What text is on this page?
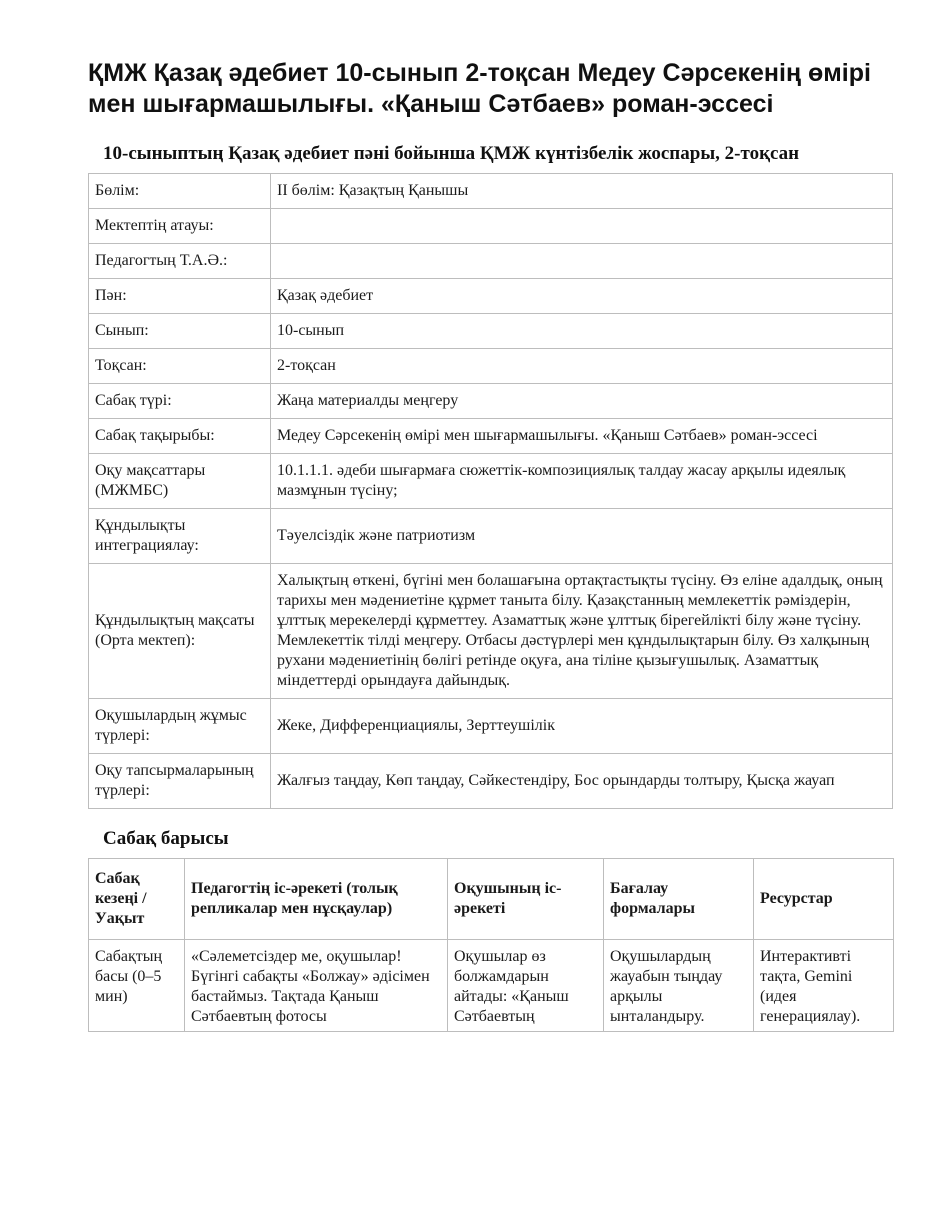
ҚМЖ Қазақ әдебиет 10-сынып 2-тоқсан Медеу Сәрсекенің өмірі мен шығармашылығы. «Қаныш Сәтбаев» роман-эссесі
10-сыныптың Қазақ әдебиет пәні бойынша ҚМЖ күнтізбелік жоспары, 2-тоқсан
Бөлім:	II бөлім: Қазақтың Қанышы
Мектептің атауы:	
Педагогтың Т.А.Ә.:	
Пән:	Қазақ әдебиет
Сынып:	10-сынып
Тоқсан:	2-тоқсан
Сабақ түрі:	Жаңа материалды меңгеру
Сабақ тақырыбы:	Медеу Сәрсекенің өмірі мен шығармашылығы. «Қаныш Сәтбаев» роман-эссесі
Оқу мақсаттары (МЖМБС)	10.1.1.1. әдеби шығармаға сюжеттік-композициялық талдау жасау арқылы идеялық мазмұнын түсіну;
Құндылықты интеграциялау:	Тәуелсіздік және патриотизм
Құндылықтың мақсаты (Орта мектеп):	Халықтың өткені, бүгіні мен болашағына ортақтастықты түсіну. Өз еліне адалдық, оның тарихы мен мәдениетіне құрмет таныта білу. Қазақстанның мемлекеттік рәміздерін, ұлттық мерекелерді құрметтеу. Азаматтық және ұлттық бірегейлікті білу және түсіну. Мемлекеттік тілді меңгеру. Отбасы дәстүрлері мен құндылықтарын білу. Өз халқының рухани мәдениетінің бөлігі ретінде оқуға, ана тіліне қызығушылық. Азаматтық міндеттерді орындауға дайындық.
Оқушылардың жұмыс түрлері:	Жеке, Дифференциациялы, Зерттеушілік
Оқу тапсырмаларының түрлері:	Жалғыз таңдау, Көп таңдау, Сәйкестендіру, Бос орындарды толтыру, Қысқа жауап
Сабақ барысы
Сабақ кезеңі / Уақыт	Педагогтің іс-әрекеті (толық репликалар мен нұсқаулар)	Оқушының іс-әрекеті	Бағалау формалары	Ресурстар
Сабақтың басы (0–5 мин)	«Сәлеметсіздер ме, оқушылар! Бүгінгі сабақты «Болжау» әдісімен бастаймыз. Тақтада Қаныш Сәтбаевтың фотосы	Оқушылар өз болжамдарын айтады: «Қаныш Сәтбаевтың	Оқушылардың жауабын тыңдау арқылы ынталандыру.	Интерактивті тақта, Gemini (идея генерациялау).
